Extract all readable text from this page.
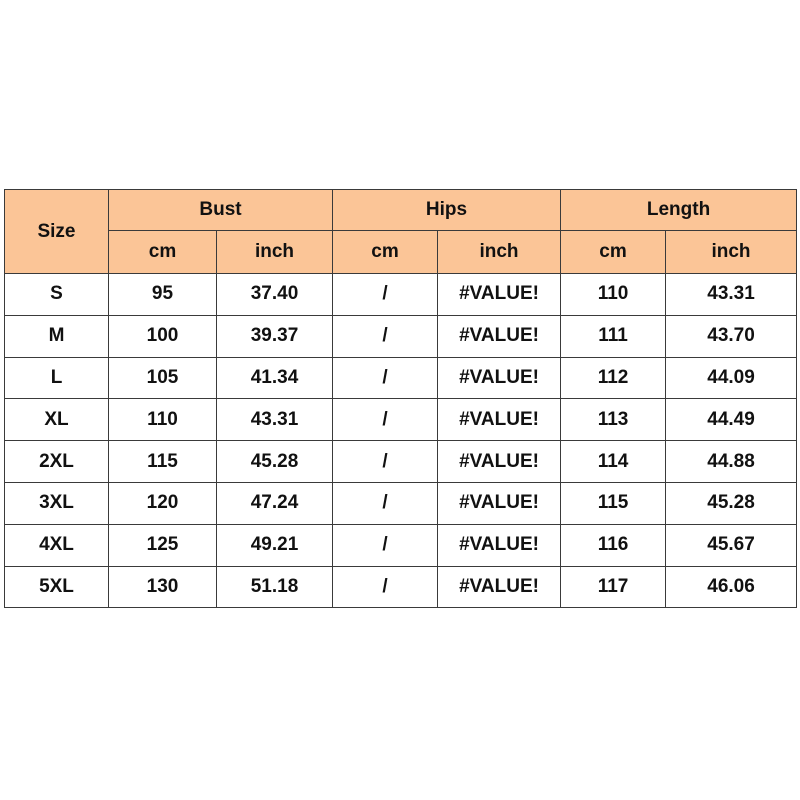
Size	Bust		Hips		Length	
	cm	inch	cm	inch	cm	inch
S	95	37.40	/	#VALUE!	110	43.31
M	100	39.37	/	#VALUE!	111	43.70
L	105	41.34	/	#VALUE!	112	44.09
XL	110	43.31	/	#VALUE!	113	44.49
2XL	115	45.28	/	#VALUE!	114	44.88
3XL	120	47.24	/	#VALUE!	115	45.28
4XL	125	49.21	/	#VALUE!	116	45.67
5XL	130	51.18	/	#VALUE!	117	46.06
